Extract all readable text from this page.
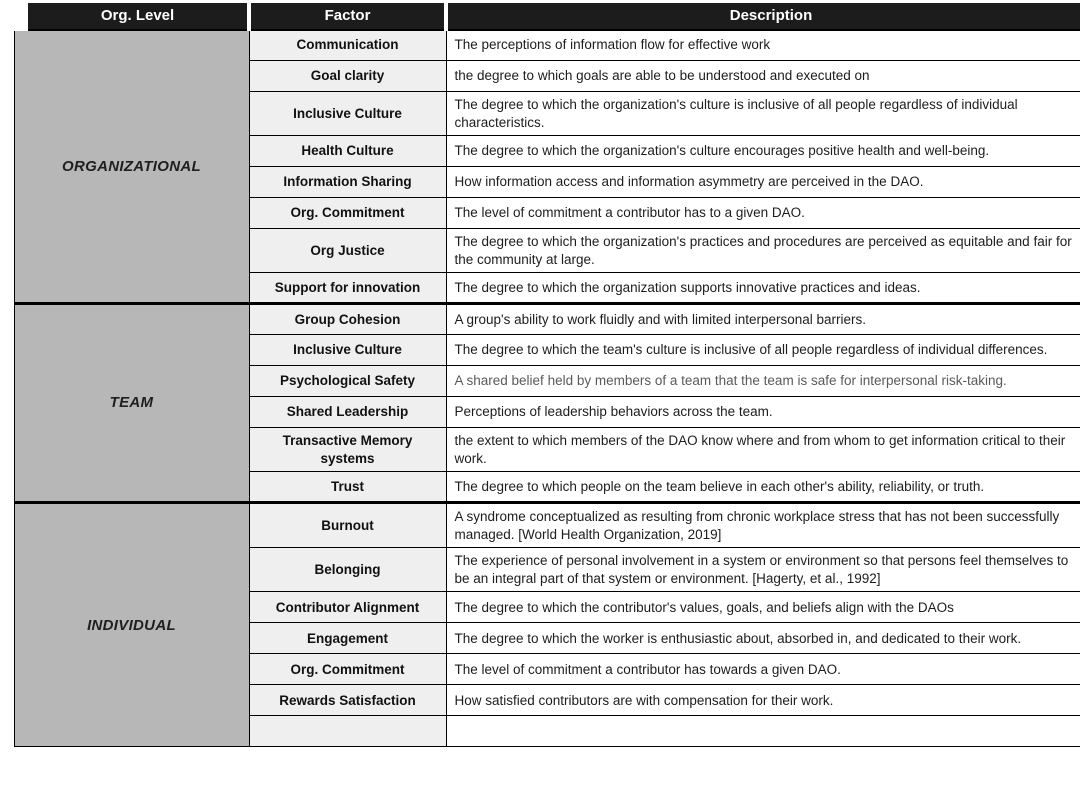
Org. Level	Factor	Description
ORGANIZATIONAL	Communication	The perceptions of information flow for effective work
	Goal clarity	the degree to which goals are able to be understood and executed on
	Inclusive Culture	The degree to which the organization's culture is inclusive of all people regardless of individual characteristics.
	Health Culture	The degree to which the organization's culture encourages positive health and well-being.
	Information Sharing	How information access and information asymmetry are perceived in the DAO.
	Org. Commitment	The level of commitment a contributor has to a given DAO.
	Org Justice	The degree to which the organization's practices and procedures are perceived as equitable and fair for the community at large.
	Support for innovation	The degree to which the organization supports innovative practices and ideas.
TEAM	Group Cohesion	A group's ability to work fluidly and with limited interpersonal barriers.
	Inclusive Culture	The degree to which the team's culture is inclusive of all people regardless of individual differences.
	Psychological Safety	A shared belief held by members of a team that the team is safe for interpersonal risk-taking.
	Shared Leadership	Perceptions of leadership behaviors across the team.
	Transactive Memory systems	the extent to which members of the DAO know where and from whom to get information critical to their work.
	Trust	The degree to which people on the team believe in each other's ability, reliability, or truth.
INDIVIDUAL	Burnout	A syndrome conceptualized as resulting from chronic workplace stress that has not been successfully managed. [World Health Organization, 2019]
	Belonging	The experience of personal involvement in a system or environment so that persons feel themselves to be an integral part of that system or environment. [Hagerty, et al., 1992]
	Contributor Alignment	The degree to which the contributor's values, goals, and beliefs align with the DAOs
	Engagement	The degree to which the worker is enthusiastic about, absorbed in, and dedicated to their work.
	Org. Commitment	The level of commitment a contributor has towards a given DAO.
	Rewards Satisfaction	How satisfied contributors are with compensation for their work.
